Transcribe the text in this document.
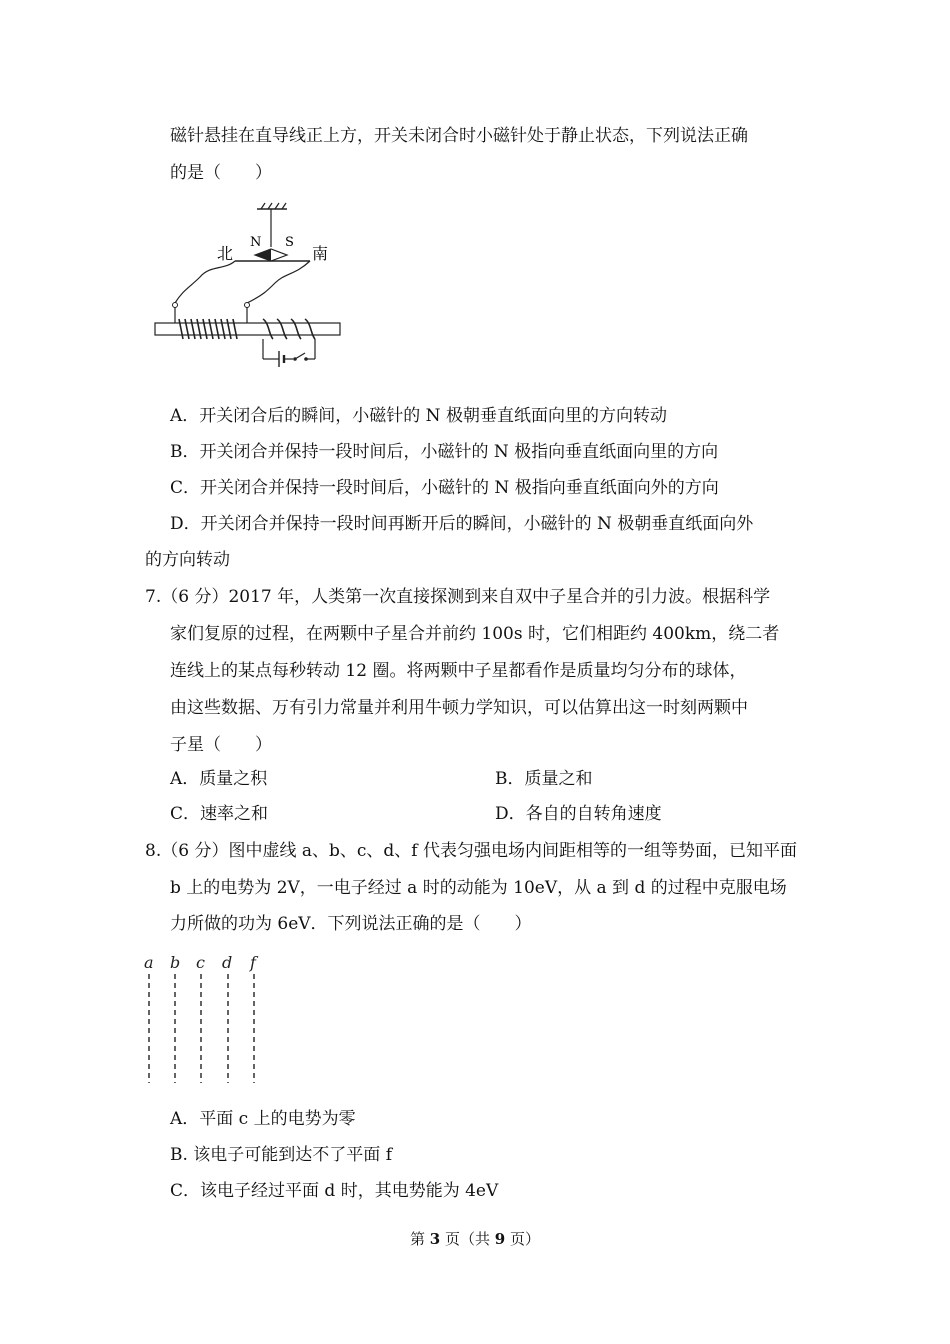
磁针悬挂在直导线正上方，开关未闭合时小磁针处于静止状态，下列说法正确
的是（　　）
N S
北	南
A．开关闭合后的瞬间，小磁针的 N 极朝垂直纸面向里的方向转动
B．开关闭合并保持一段时间后，小磁针的 N 极指向垂直纸面向里的方向
C．开关闭合并保持一段时间后，小磁针的 N 极指向垂直纸面向外的方向
D．开关闭合并保持一段时间再断开后的瞬间，小磁针的 N 极朝垂直纸面向外
的方向转动
7.（6 分）2017 年，人类第一次直接探测到来自双中子星合并的引力波。根据科学
家们复原的过程，在两颗中子星合并前约 100s 时，它们相距约 400km，绕二者
连线上的某点每秒转动 12 圈。将两颗中子星都看作是质量均匀分布的球体，
由这些数据、万有引力常量并利用牛顿力学知识，可以估算出这一时刻两颗中
子星（　　）
A．质量之积	B．质量之和
C．速率之和	D．各自的自转角速度
8.（6 分）图中虚线 a、b、c、d、f 代表匀强电场内间距相等的一组等势面，已知平面
b 上的电势为 2V，一电子经过 a 时的动能为 10eV，从 a 到 d 的过程中克服电场
力所做的功为 6eV．下列说法正确的是（　　）
a b c d f
A．平面 c 上的电势为零
B. 该电子可能到达不了平面 f
C．该电子经过平面 d 时，其电势能为 4eV
第 3 页（共 9 页）
